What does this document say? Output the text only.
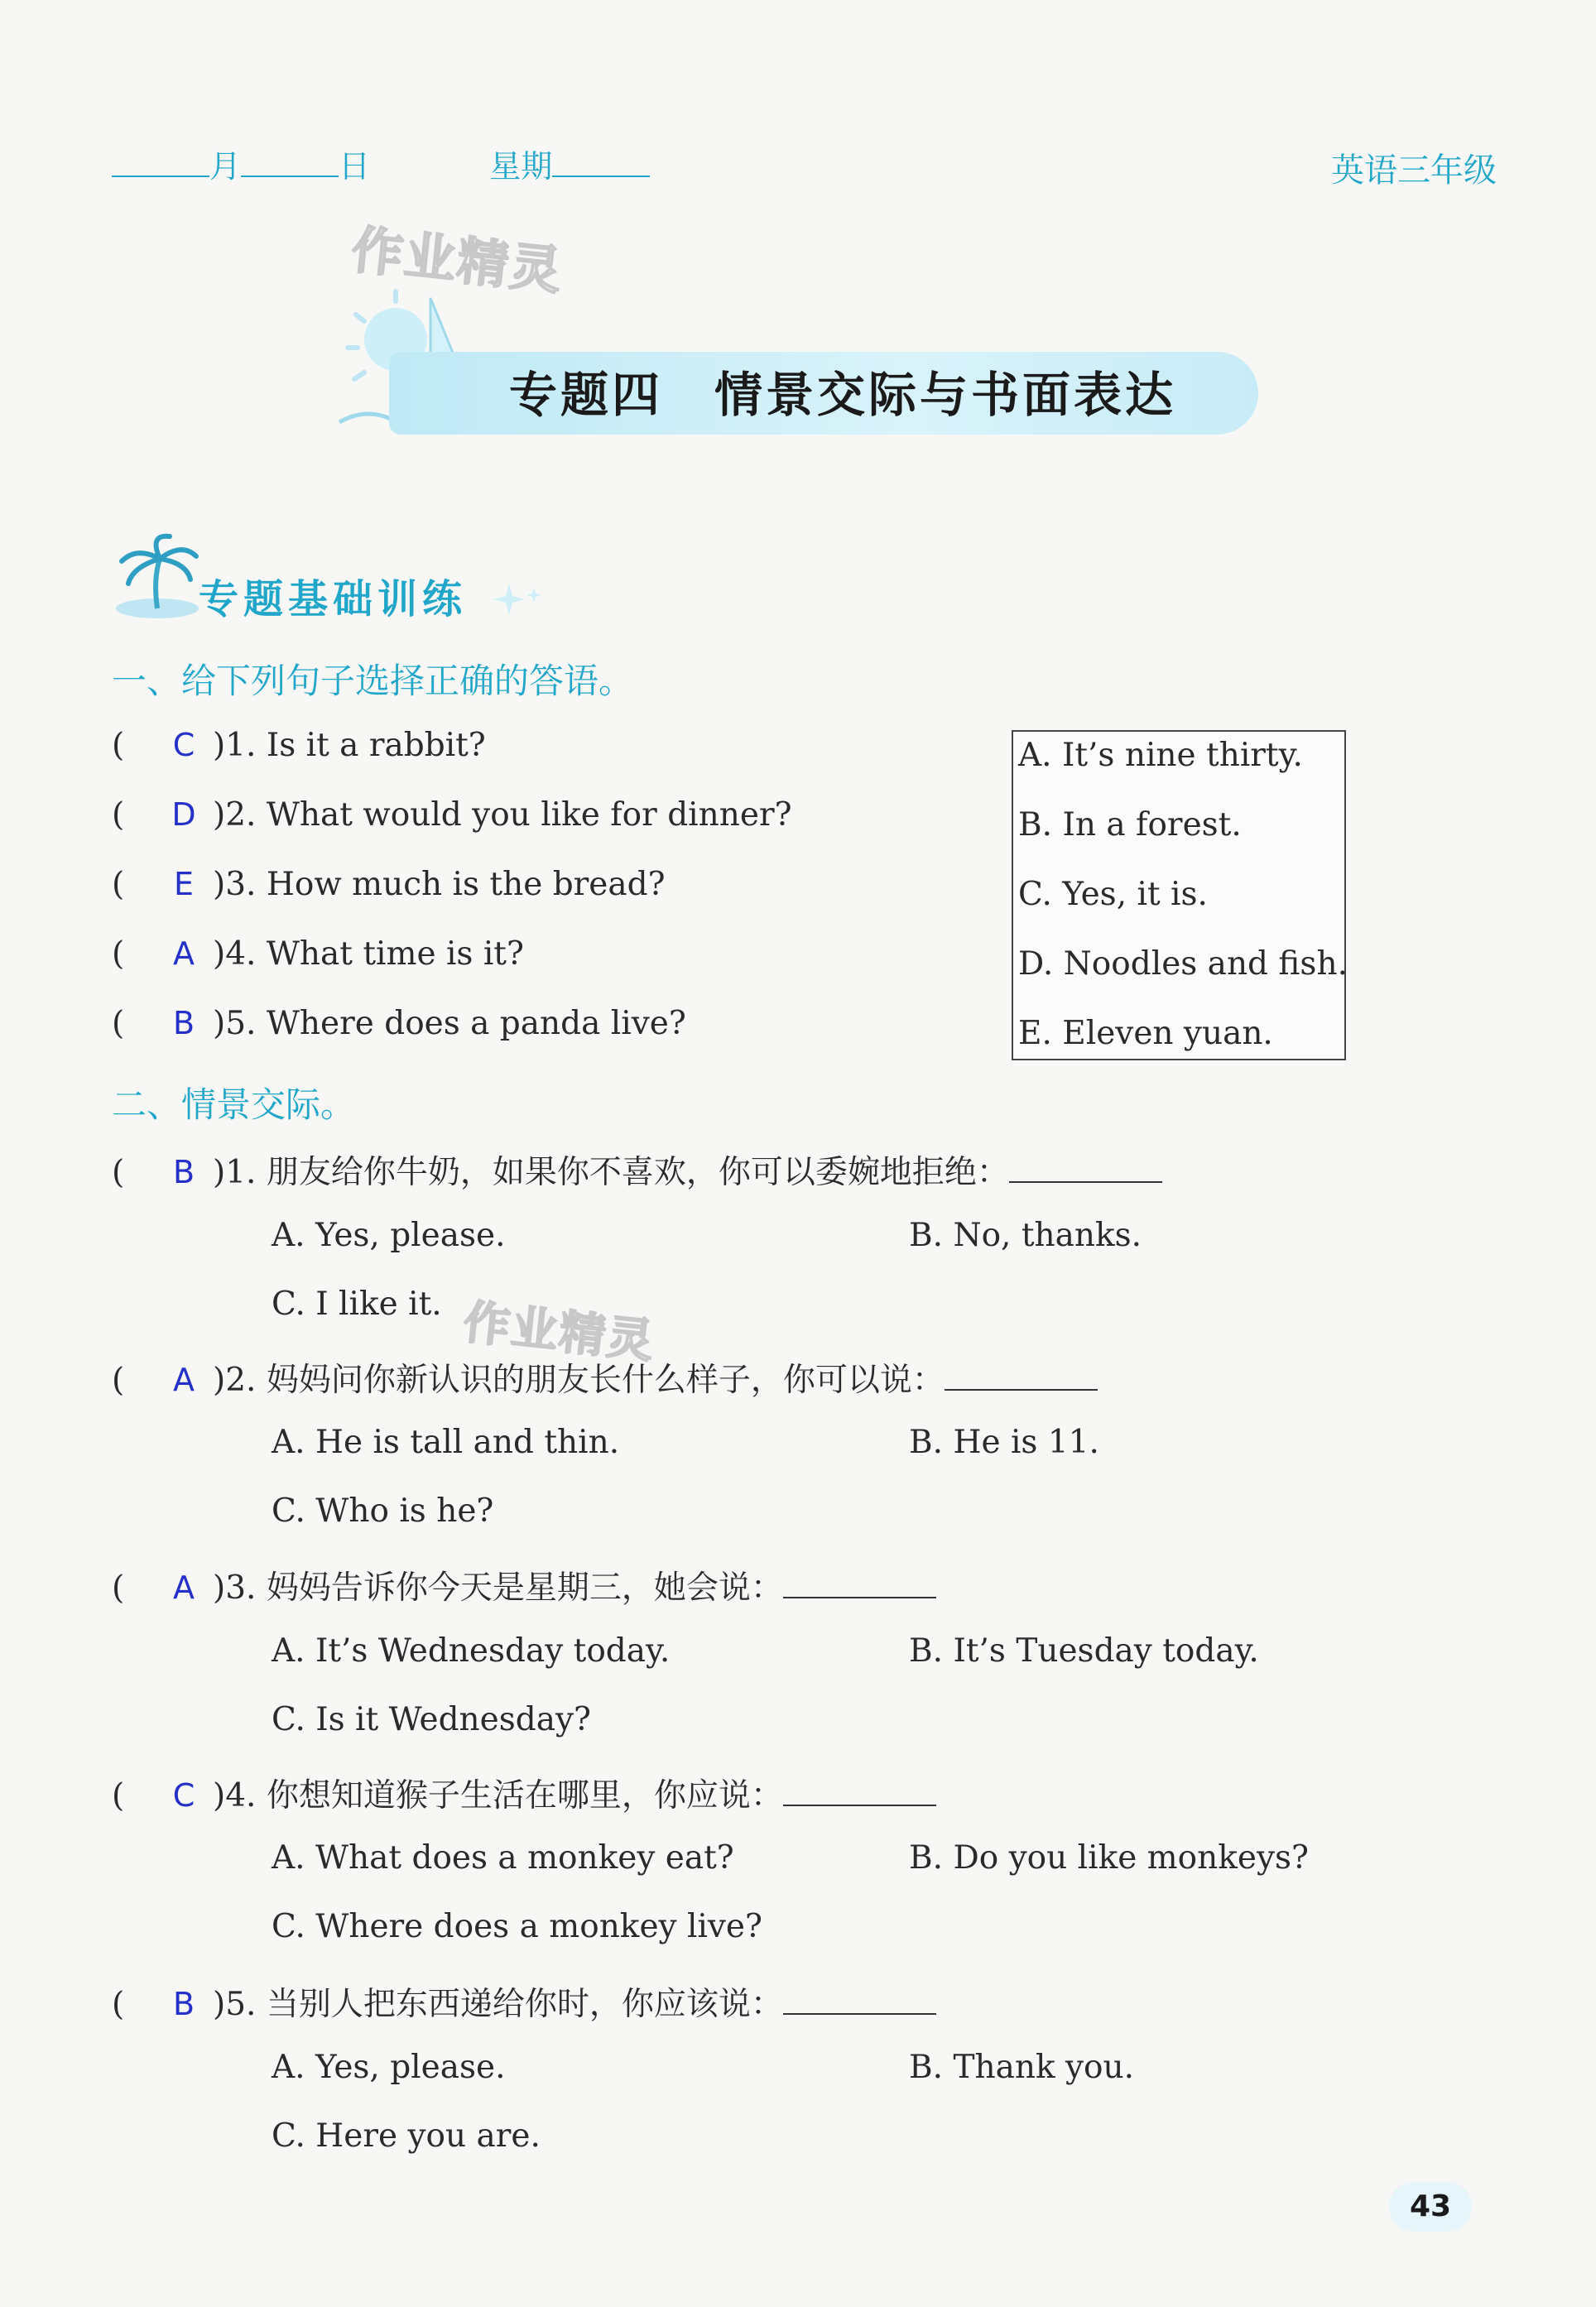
月	日	星期	英语三年级
作业精灵
作业精灵
专题四　情景交际与书面表达
专题基础训练
一、给下列句子选择正确的答语。
( C )1. Is it a rabbit?
( D )2. What would you like for dinner?
( E )3. How much is the bread?
( A )4. What time is it?
( B )5. Where does a panda live?
A. It’s nine thirty.
B. In a forest.
C. Yes, it is.
D. Noodles and fish.
E. Eleven yuan.
二、情景交际。
( B )1. 朋友给你牛奶，如果你不喜欢，你可以委婉地拒绝：
A. Yes, please.	B. No, thanks.
C. I like it.
( A )2. 妈妈问你新认识的朋友长什么样子，你可以说：
A. He is tall and thin.	B. He is 11.
C. Who is he?
( A )3. 妈妈告诉你今天是星期三，她会说：
A. It’s Wednesday today.	B. It’s Tuesday today.
C. Is it Wednesday?
( C )4. 你想知道猴子生活在哪里，你应说：
A. What does a monkey eat?	B. Do you like monkeys?
C. Where does a monkey live?
( B )5. 当别人把东西递给你时，你应该说：
A. Yes, please.	B. Thank you.
C. Here you are.
43
